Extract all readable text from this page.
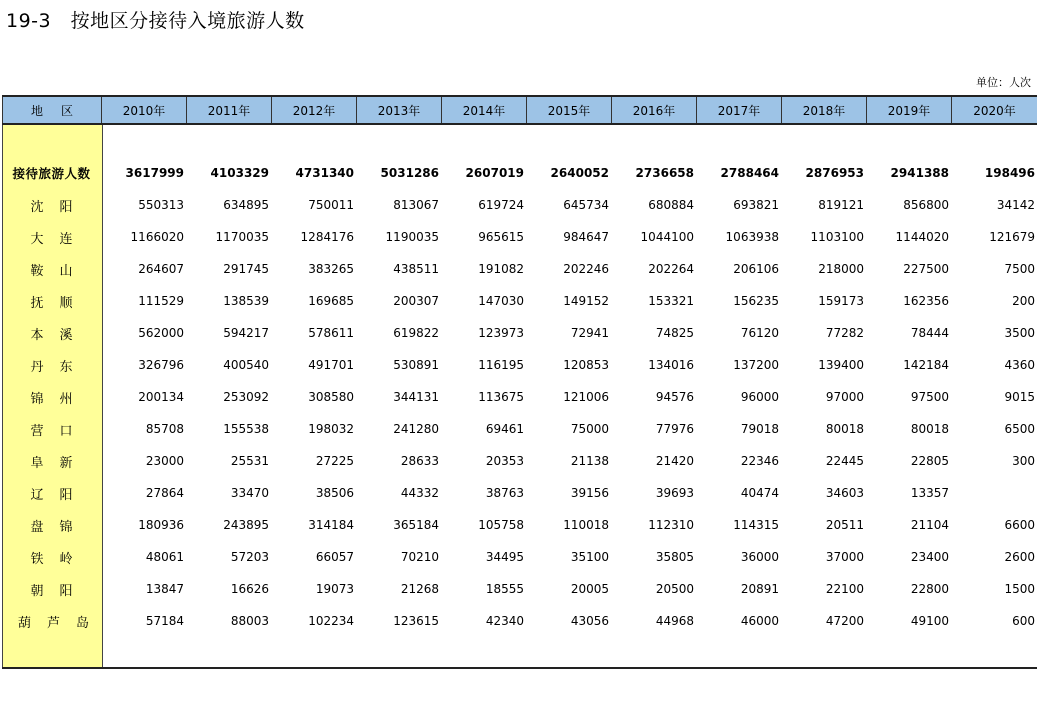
19-3　按地区分接待入境旅游人数
单位：人次
地区	2010年	2011年	2012年	2013年	2014年	2015年	2016年	2017年	2018年	2019年	2020年
接待旅游人数	3617999	4103329	4731340	5031286	2607019	2640052	2736658	2788464	2876953	2941388	198496
沈阳	550313	634895	750011	813067	619724	645734	680884	693821	819121	856800	34142
大连	1166020	1170035	1284176	1190035	965615	984647	1044100	1063938	1103100	1144020	121679
鞍山	264607	291745	383265	438511	191082	202246	202264	206106	218000	227500	7500
抚顺	111529	138539	169685	200307	147030	149152	153321	156235	159173	162356	200
本溪	562000	594217	578611	619822	123973	72941	74825	76120	77282	78444	3500
丹东	326796	400540	491701	530891	116195	120853	134016	137200	139400	142184	4360
锦州	200134	253092	308580	344131	113675	121006	94576	96000	97000	97500	9015
营口	85708	155538	198032	241280	69461	75000	77976	79018	80018	80018	6500
阜新	23000	25531	27225	28633	20353	21138	21420	22346	22445	22805	300
辽阳	27864	33470	38506	44332	38763	39156	39693	40474	34603	13357
盘锦	180936	243895	314184	365184	105758	110018	112310	114315	20511	21104	6600
铁岭	48061	57203	66057	70210	34495	35100	35805	36000	37000	23400	2600
朝阳	13847	16626	19073	21268	18555	20005	20500	20891	22100	22800	1500
葫芦岛	57184	88003	102234	123615	42340	43056	44968	46000	47200	49100	600
